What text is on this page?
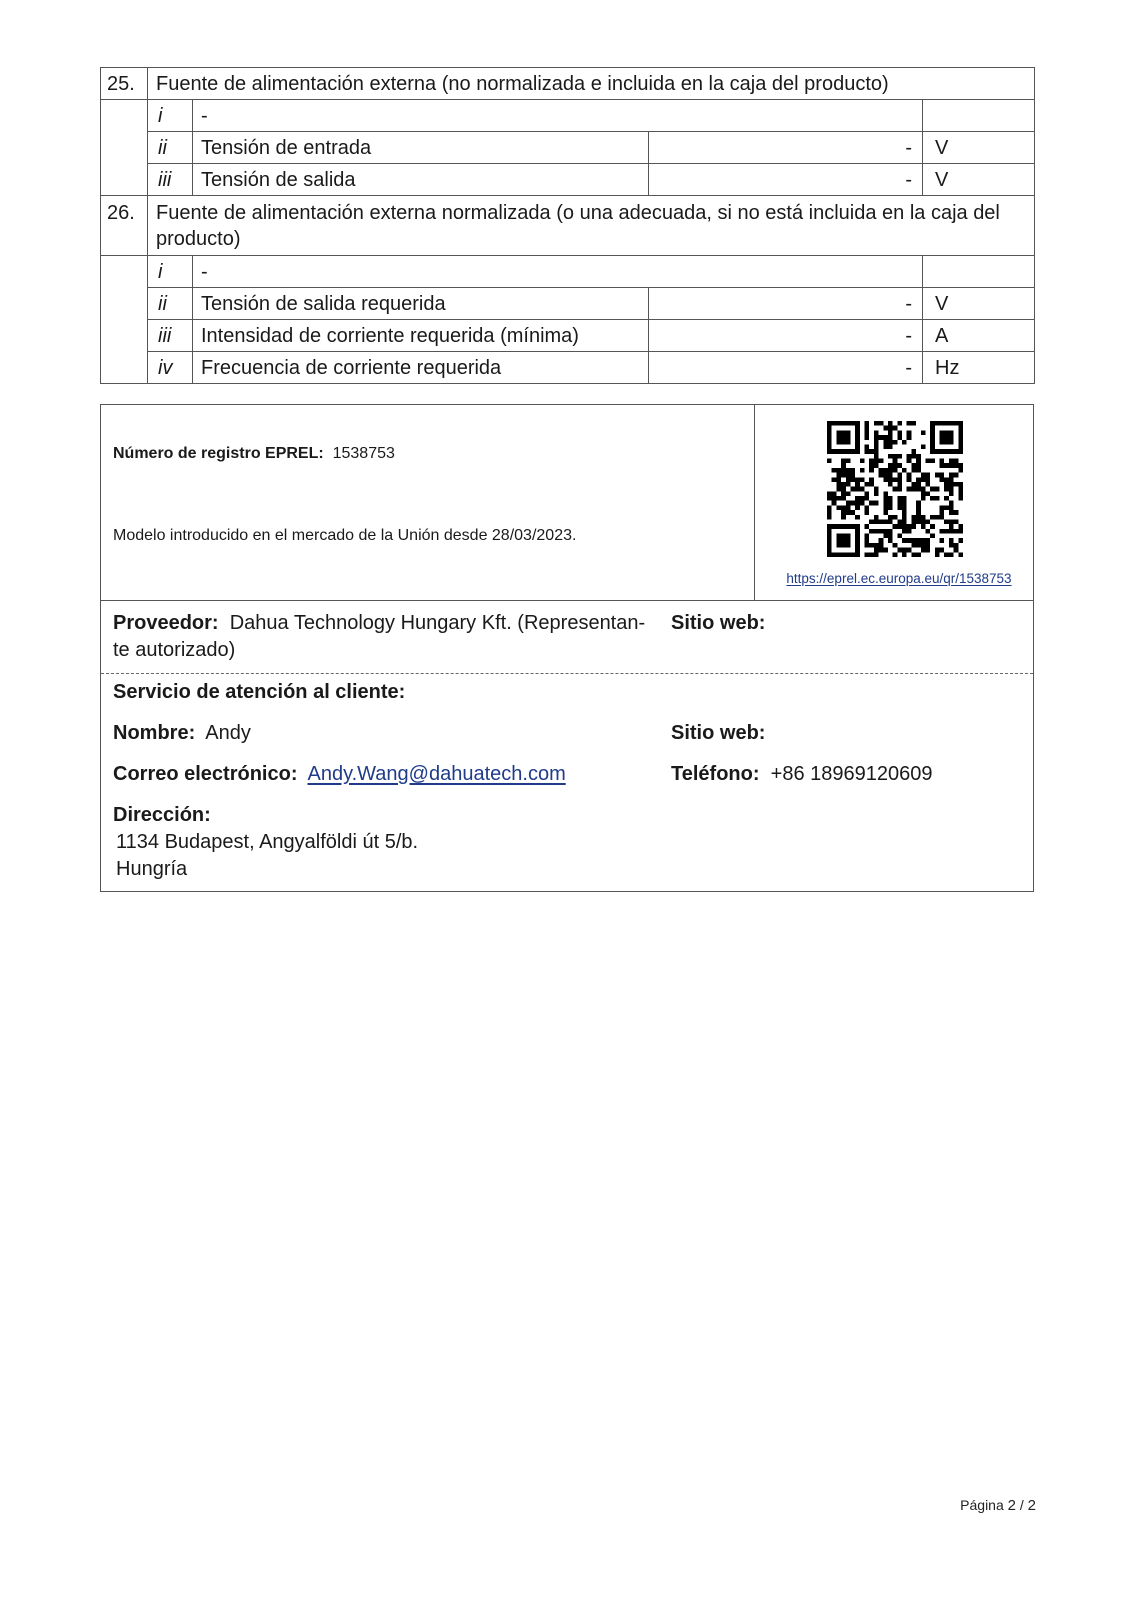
25.	Fuente de alimentación externa (no normalizada e incluida en la caja del producto)			
	i	-		
	ii	Tensión de entrada	-	V
	iii	Tensión de salida	-	V
26.	Fuente de alimentación externa normalizada (o una adecuada, si no está incluida en la caja del producto)			
	i	-		
	ii	Tensión de salida requerida	-	V
	iii	Intensidad de corriente requerida (mínima)	-	A
	iv	Frecuencia de corriente requerida	-	Hz
Número de registro EPREL: 1538753
Modelo introducido en el mercado de la Unión desde 28/03/2023.
https://eprel.ec.europa.eu/qr/1538753
Proveedor: Dahua Technology Hungary Kft. (Representan-
te autorizado)
Sitio web:
Servicio de atención al cliente:
Nombre: Andy	Sitio web:
Correo electrónico: Andy.Wang@dahuatech.com	Teléfono: +86 18969120609
Dirección:
1134 Budapest, Angyalföldi út 5/b.
Hungría
Página 2 / 2
